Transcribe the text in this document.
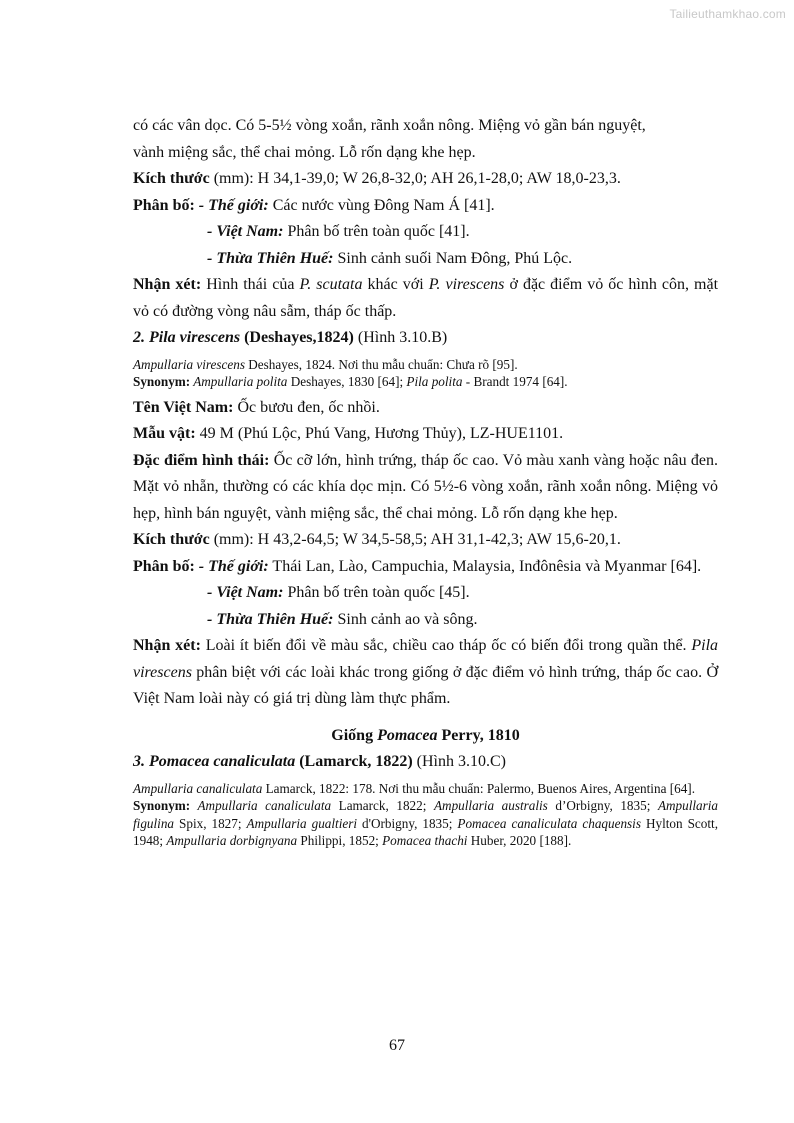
Tailieuthamkhao.com

có các vân dọc. Có 5-5½ vòng xoắn, rãnh xoắn nông. Miệng vỏ gần bán nguyệt,
vành miệng sắc, thể chai mỏng. Lỗ rốn dạng khe hẹp.

Kích thước (mm): H 34,1-39,0; W 26,8-32,0; AH 26,1-28,0; AW 18,0-23,3.

Phân bố: - Thế giới: Các nước vùng Đông Nam Á [41].

- Việt Nam: Phân bố trên toàn quốc [41].

- Thừa Thiên Huế: Sinh cảnh suối Nam Đông, Phú Lộc.

Nhận xét: Hình thái của P. scutata khác với P. virescens ở đặc điểm vỏ ốc hình côn, mặt vỏ có đường vòng nâu sẫm, tháp ốc thấp.

2. Pila virescens (Deshayes,1824) (Hình 3.10.B)

Ampullaria virescens Deshayes, 1824. Nơi thu mẫu chuẩn: Chưa rõ [95].

Synonym: Ampullaria polita Deshayes, 1830 [64]; Pila polita - Brandt 1974 [64].

Tên Việt Nam: Ốc bươu đen, ốc nhồi.

Mẫu vật: 49 M (Phú Lộc, Phú Vang, Hương Thủy), LZ-HUE1101.

Đặc điểm hình thái: Ốc cỡ lớn, hình trứng, tháp ốc cao. Vỏ màu xanh vàng hoặc nâu đen. Mặt vỏ nhẵn, thường có các khía dọc mịn. Có 5½-6 vòng xoắn, rãnh xoắn nông. Miệng vỏ hẹp, hình bán nguyệt, vành miệng sắc, thể chai mỏng. Lỗ rốn dạng khe hẹp.

Kích thước (mm): H 43,2-64,5; W 34,5-58,5; AH 31,1-42,3; AW 15,6-20,1.

Phân bố: - Thế giới: Thái Lan, Lào, Campuchia, Malaysia, Inđônêsia và Myanmar [64].

- Việt Nam: Phân bố trên toàn quốc [45].

- Thừa Thiên Huế: Sinh cảnh ao và sông.

Nhận xét: Loài ít biến đổi về màu sắc, chiều cao tháp ốc có biến đổi trong quần thể. Pila virescens phân biệt với các loài khác trong giống ở đặc điểm vỏ hình trứng, tháp ốc cao. Ở Việt Nam loài này có giá trị dùng làm thực phẩm.

Giống Pomacea Perry, 1810

3. Pomacea canaliculata (Lamarck, 1822) (Hình 3.10.C)

Ampullaria canaliculata Lamarck, 1822: 178. Nơi thu mẫu chuẩn: Palermo, Buenos Aires, Argentina [64].

Synonym: Ampullaria canaliculata Lamarck, 1822; Ampullaria australis d’Orbigny, 1835; Ampullaria figulina Spix, 1827; Ampullaria gualtieri d'Orbigny, 1835; Pomacea canaliculata chaquensis Hylton Scott, 1948; Ampullaria dorbignyana Philippi, 1852; Pomacea thachi Huber, 2020 [188].

67
